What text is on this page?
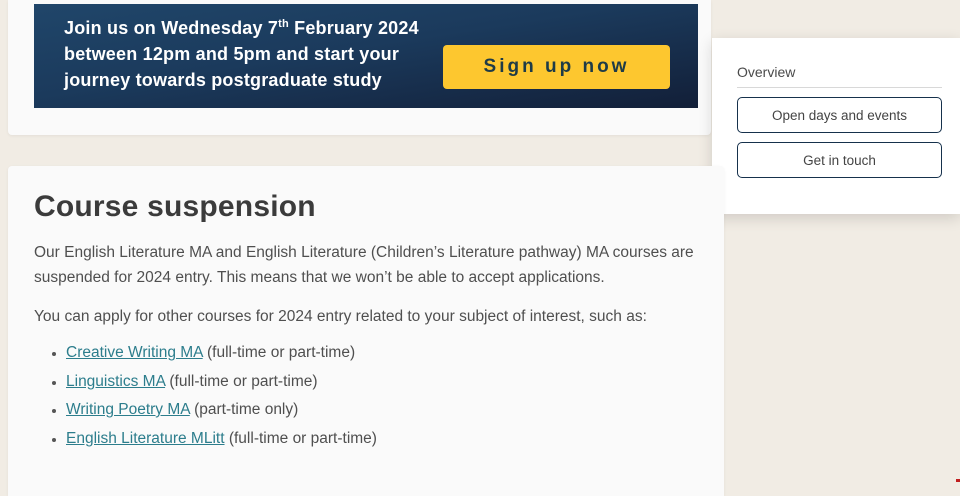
Join us on Wednesday 7th February 2024
between 12pm and 5pm and start your
journey towards postgraduate study
Sign up now	Overview
Open days and events
Get in touch
Course suspension

Our English Literature MA and English Literature (Children’s Literature pathway) MA courses are suspended for 2024 entry. This means that we won’t be able to accept applications.

You can apply for other courses for 2024 entry related to your subject of interest, such as:

• Creative Writing MA (full-time or part-time)
• Linguistics MA (full-time or part-time)
• Writing Poetry MA (part-time only)
• English Literature MLitt (full-time or part-time)
